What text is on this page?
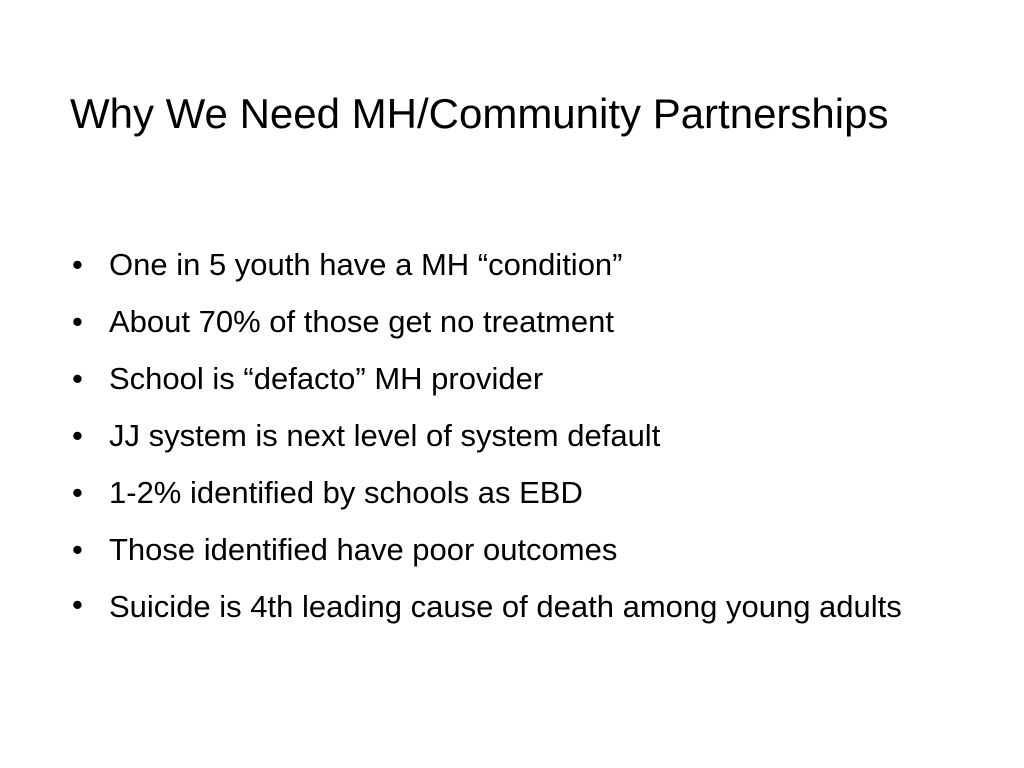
Why We Need MH/Community Partnerships
• One in 5 youth have a MH “condition”
• About 70% of those get no treatment
• School is “defacto” MH provider
• JJ system is next level of system default
• 1-2% identified by schools as EBD
• Those identified have poor outcomes
• Suicide is 4th leading cause of death among young adults
